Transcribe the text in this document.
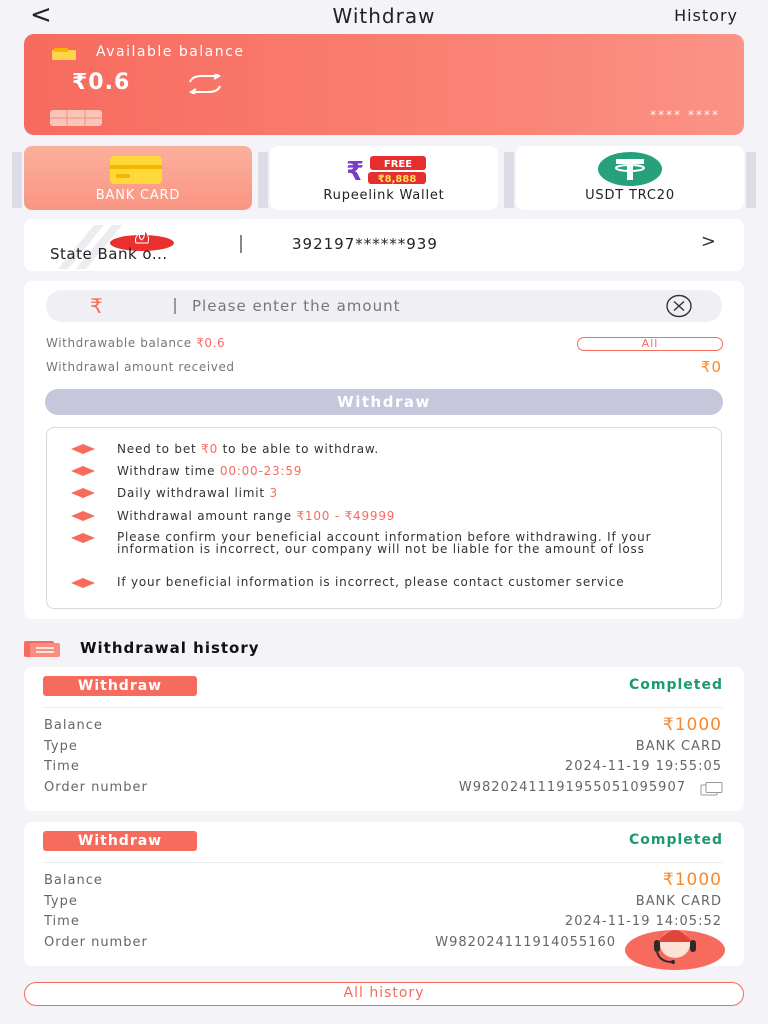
<	Withdraw	History
Available balance
₹0.6
**** ****
BANK CARD
₹ FREE
₹8,888
Rupeelink Wallet	USDT TRC20
State Bank o...
392197******939	>
₹
Please enter the amount
Withdrawable balance ₹0.6	All
Withdrawal amount received	₹0
Withdraw
Need to bet ₹0 to be able to withdraw.
Withdraw time 00:00-23:59
Daily withdrawal limit 3
Withdrawal amount range ₹100 - ₹49999
Please confirm your beneficial account information before withdrawing. If your information is incorrect, our company will not be liable for the amount of loss
If your beneficial information is incorrect, please contact customer service
Withdrawal history
Withdraw	Completed
Balance	₹1000
Type	BANK CARD
Time	2024-11-19 19:55:05
Order number	W982024111919550510959​07
Withdraw	Completed
Balance	₹1000
Type	BANK CARD
Time	2024-11-19 14:05:52
Order number	W982024111914055160
All history
